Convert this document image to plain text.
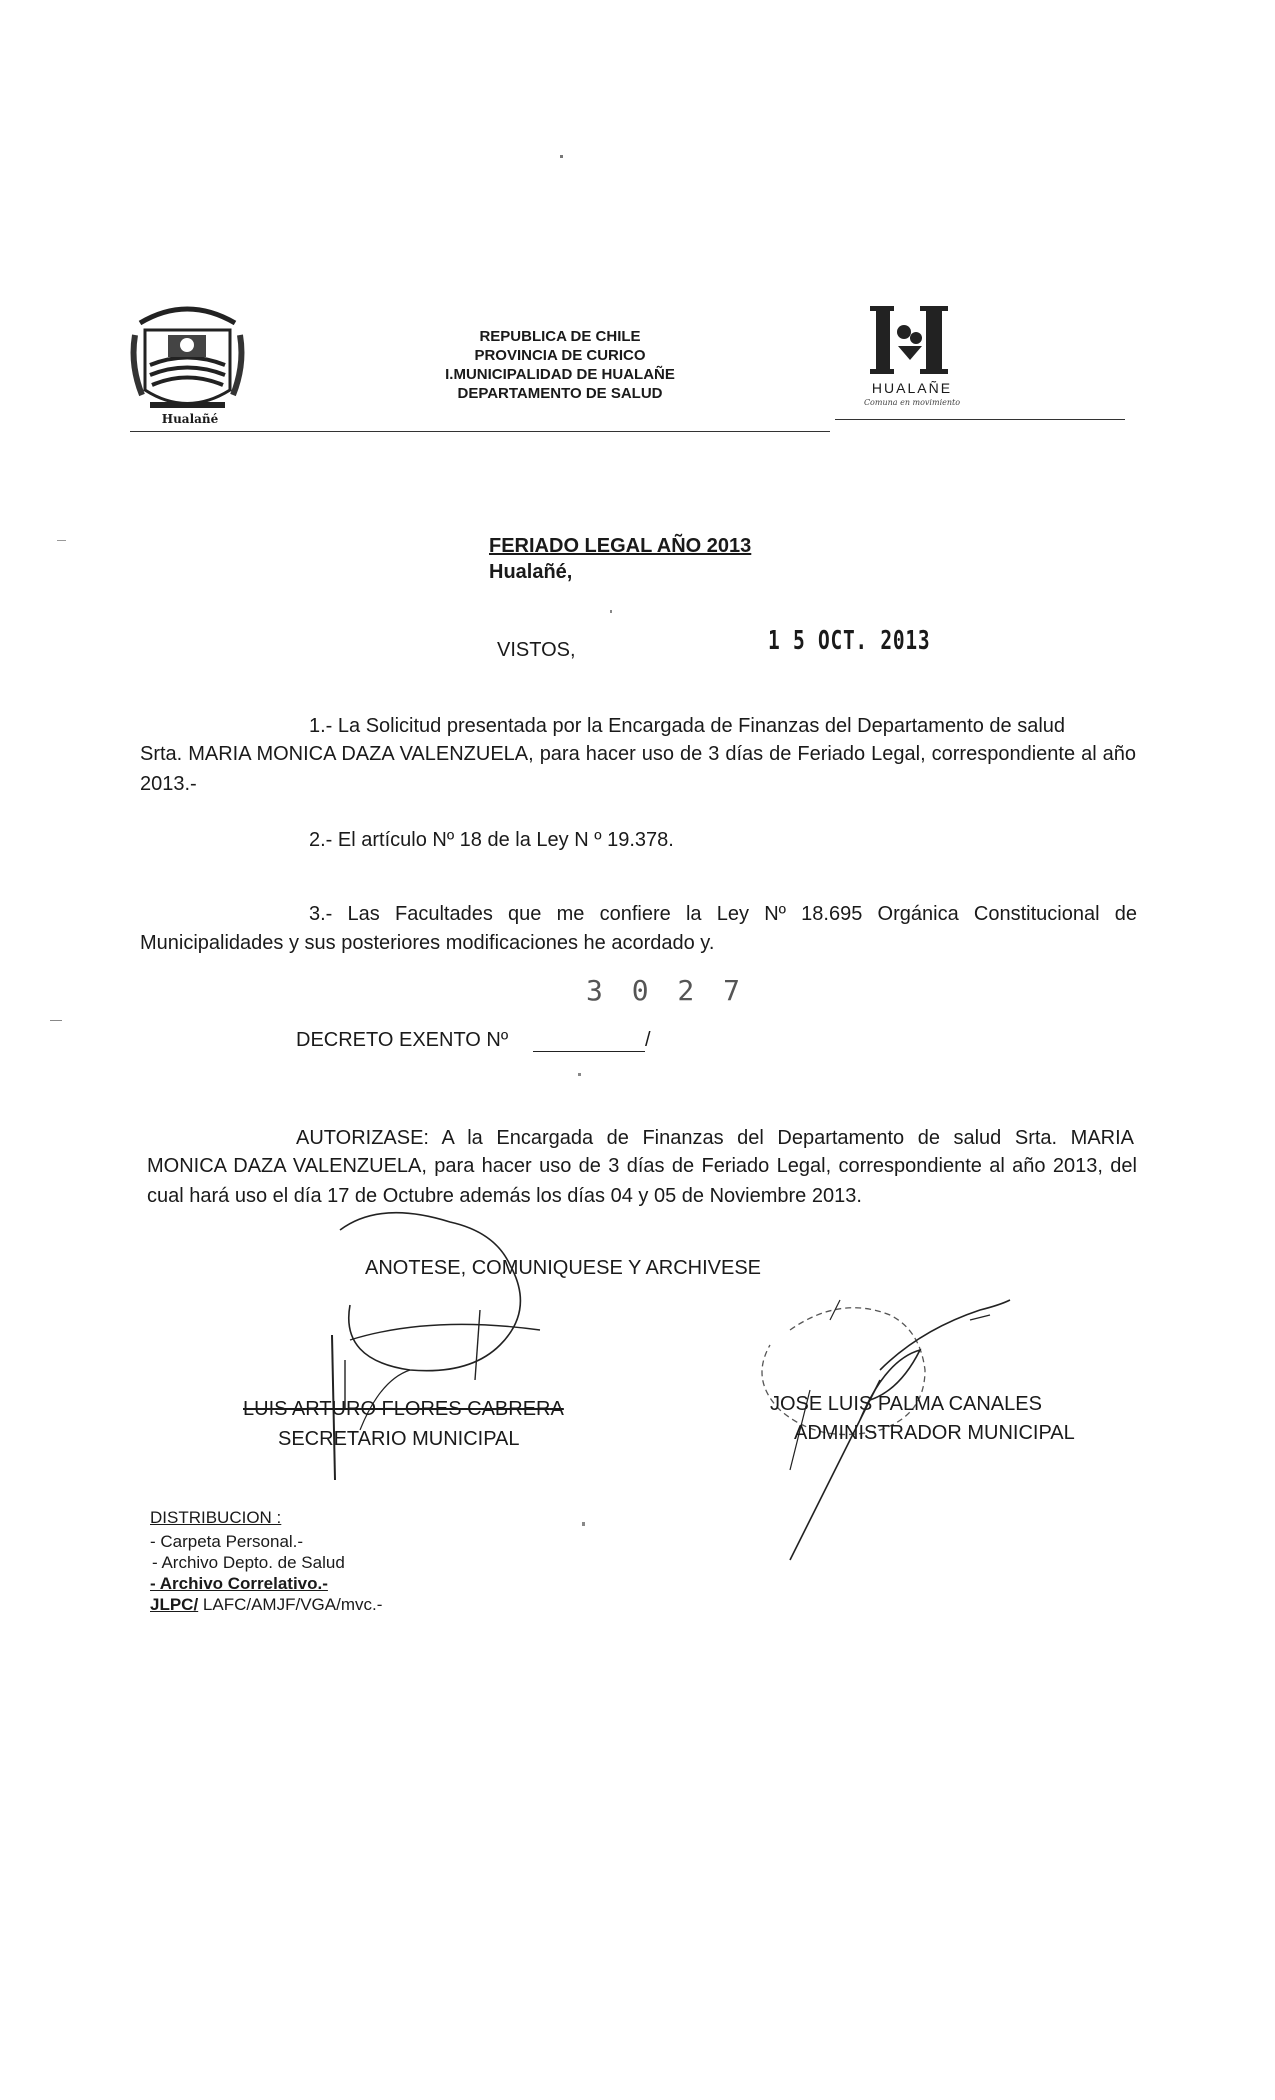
Hualañé
REPUBLICA DE CHILE
PROVINCIA DE CURICO
I.MUNICIPALIDAD DE HUALAÑE
DEPARTAMENTO DE SALUD	HUALAÑE
Comuna en movimiento
FERIADO LEGAL AÑO 2013
Hualañé,
VISTOS,	1 5 OCT. 2013
1.- La Solicitud presentada por la Encargada de Finanzas del Departamento de salud
Srta. MARIA MONICA DAZA VALENZUELA, para hacer uso de 3 días de Feriado Legal, correspondiente al año 2013.-
2.- El artículo Nº 18 de la Ley N º 19.378.
3.- Las Facultades que me confiere la Ley Nº 18.695 Orgánica Constitucional de
Municipalidades y sus posteriores modificaciones he acordado y.
3 0 2 7
DECRETO EXENTO Nº	/
AUTORIZASE: A la Encargada de Finanzas del Departamento de salud Srta. MARIA
MONICA DAZA VALENZUELA, para hacer uso de 3 días de Feriado Legal, correspondiente al año 2013, del cual hará uso el día 17 de Octubre además los días 04 y 05 de Noviembre 2013.
ANOTESE, COMUNIQUESE Y ARCHIVESE
LUIS ARTURO FLORES CABRERA
SECRETARIO MUNICIPAL
JOSE LUIS PALMA CANALES
ADMINISTRADOR MUNICIPAL
DISTRIBUCION :
- Carpeta Personal.-
- Archivo Depto. de Salud
- Archivo Correlativo.-
JLPC/ LAFC/AMJF/VGA/mvc.-
